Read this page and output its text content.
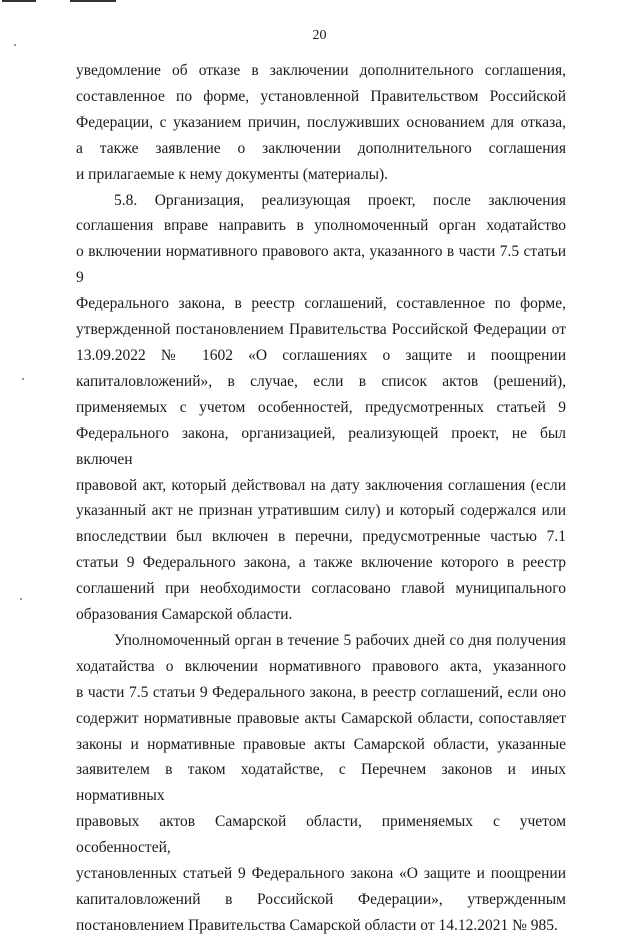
20

уведомление об отказе в заключении дополнительного соглашения,

составленное по форме, установленной Правительством Российской

Федерации, с указанием причин, послуживших основанием для отказа,

а также заявление о заключении дополнительного соглашения

и прилагаемые к нему документы (материалы).

5.8. Организация, реализующая проект, после заключения

соглашения вправе направить в уполномоченный орган ходатайство

о включении нормативного правового акта, указанного в части 7.5 статьи 9

Федерального закона, в реестр соглашений, составленное по форме,

утвержденной постановлением Правительства Российской Федерации от

13.09.2022 № 1602 «О соглашениях о защите и поощрении

капиталовложений», в случае, если в список актов (решений),

применяемых с учетом особенностей, предусмотренных статьей 9

Федерального закона, организацией, реализующей проект, не был включен

правовой акт, который действовал на дату заключения соглашения (если

указанный акт не признан утратившим силу) и который содержался или

впоследствии был включен в перечни, предусмотренные частью 7.1

статьи 9 Федерального закона, а также включение которого в реестр

соглашений при необходимости согласовано главой муниципального

образования Самарской области.

Уполномоченный орган в течение 5 рабочих дней со дня получения

ходатайства о включении нормативного правового акта, указанного

в части 7.5 статьи 9 Федерального закона, в реестр соглашений, если оно

содержит нормативные правовые акты Самарской области, сопоставляет

законы и нормативные правовые акты Самарской области, указанные

заявителем в таком ходатайстве, с Перечнем законов и иных нормативных

правовых актов Самарской области, применяемых с учетом особенностей,

установленных статьей 9 Федерального закона «О защите и поощрении

капиталовложений в Российской Федерации», утвержденным

постановлением Правительства Самарской области от 14.12.2021 № 985.
